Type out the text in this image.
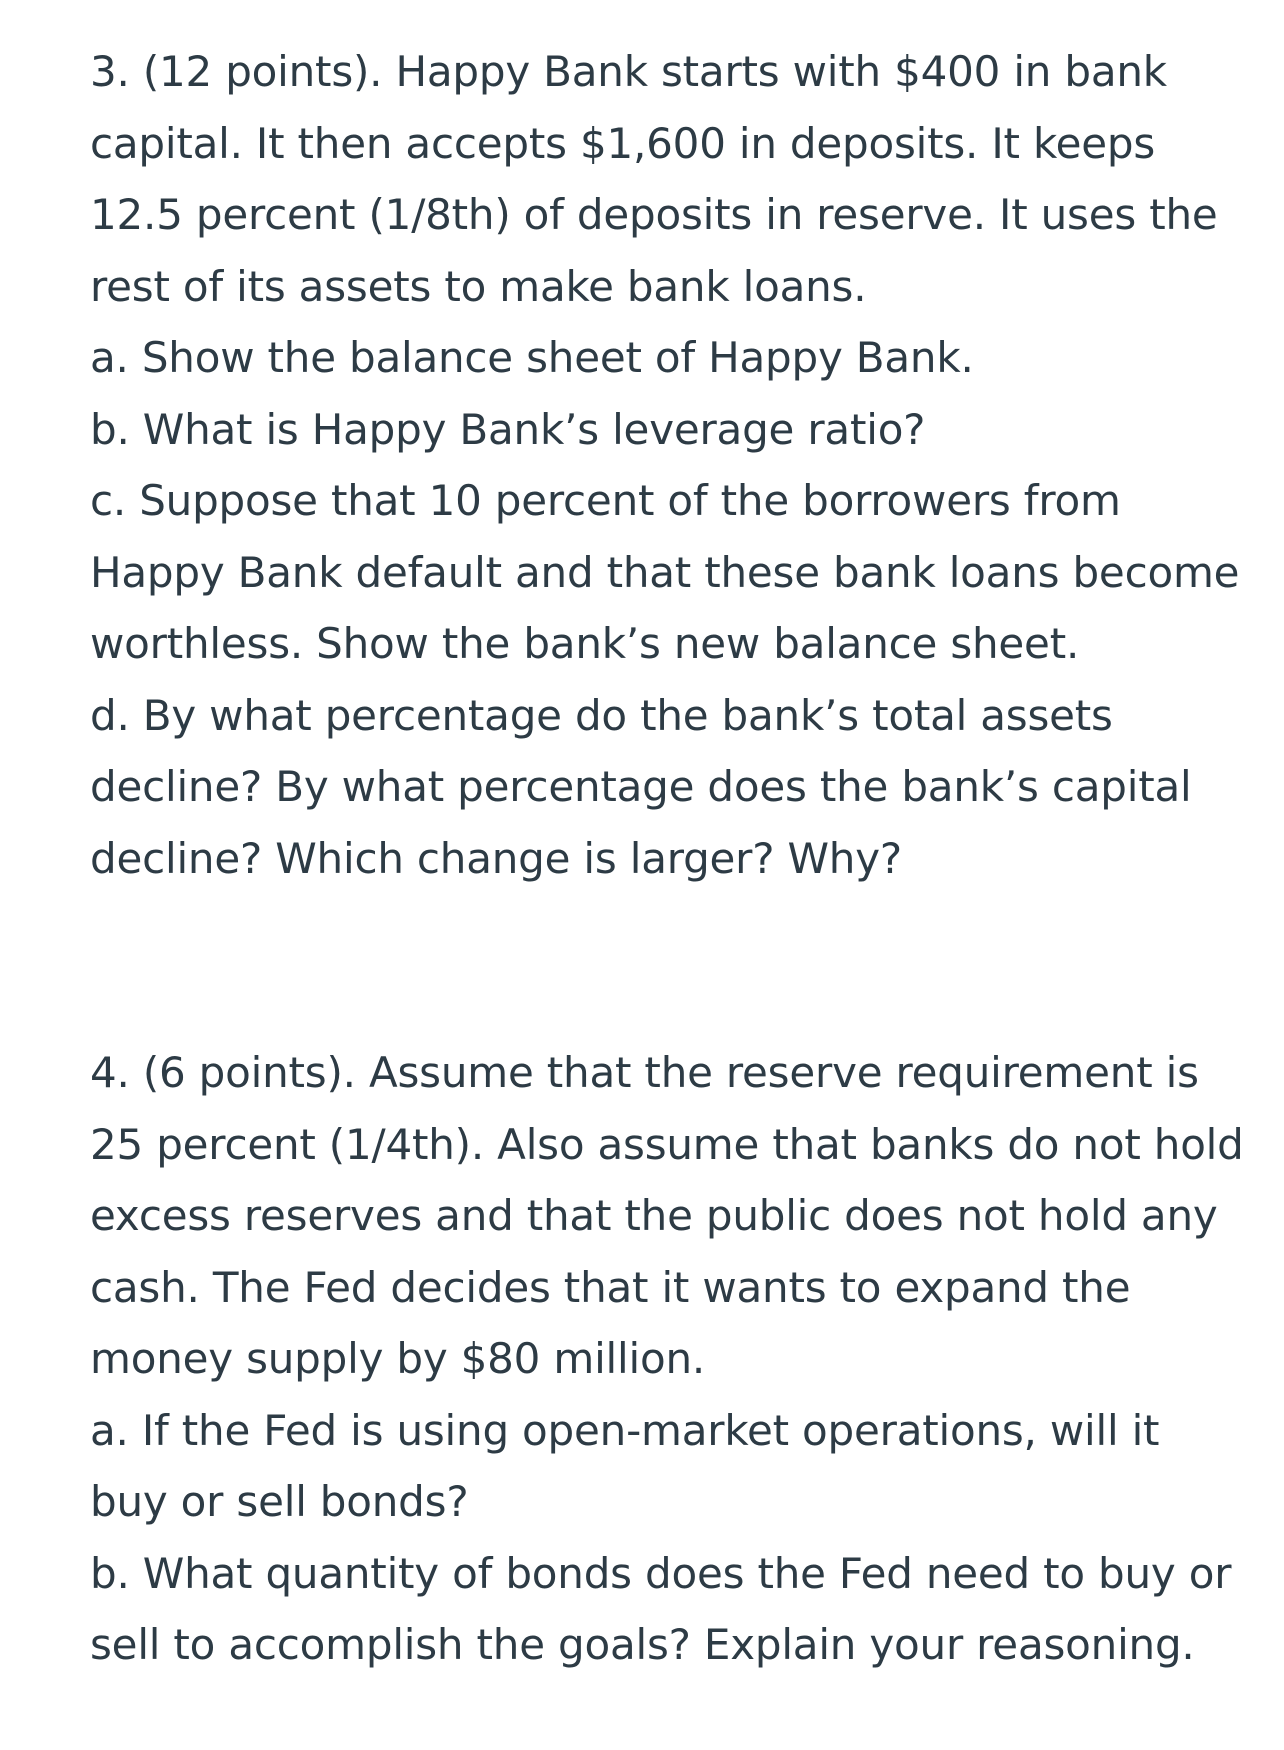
3. (12 points). Happy Bank starts with $400 in bank
capital. It then accepts $1,600 in deposits. It keeps
12.5 percent (1/8th) of deposits in reserve. It uses the
rest of its assets to make bank loans.
a. Show the balance sheet of Happy Bank.
b. What is Happy Bank’s leverage ratio?
c. Suppose that 10 percent of the borrowers from
Happy Bank default and that these bank loans become
worthless. Show the bank’s new balance sheet.
d. By what percentage do the bank’s total assets
decline? By what percentage does the bank’s capital
decline? Which change is larger? Why?
4. (6 points). Assume that the reserve requirement is
25 percent (1/4th). Also assume that banks do not hold
excess reserves and that the public does not hold any
cash. The Fed decides that it wants to expand the
money supply by $80 million.
a. If the Fed is using open-market operations, will it
buy or sell bonds?
b. What quantity of bonds does the Fed need to buy or
sell to accomplish the goals? Explain your reasoning.
